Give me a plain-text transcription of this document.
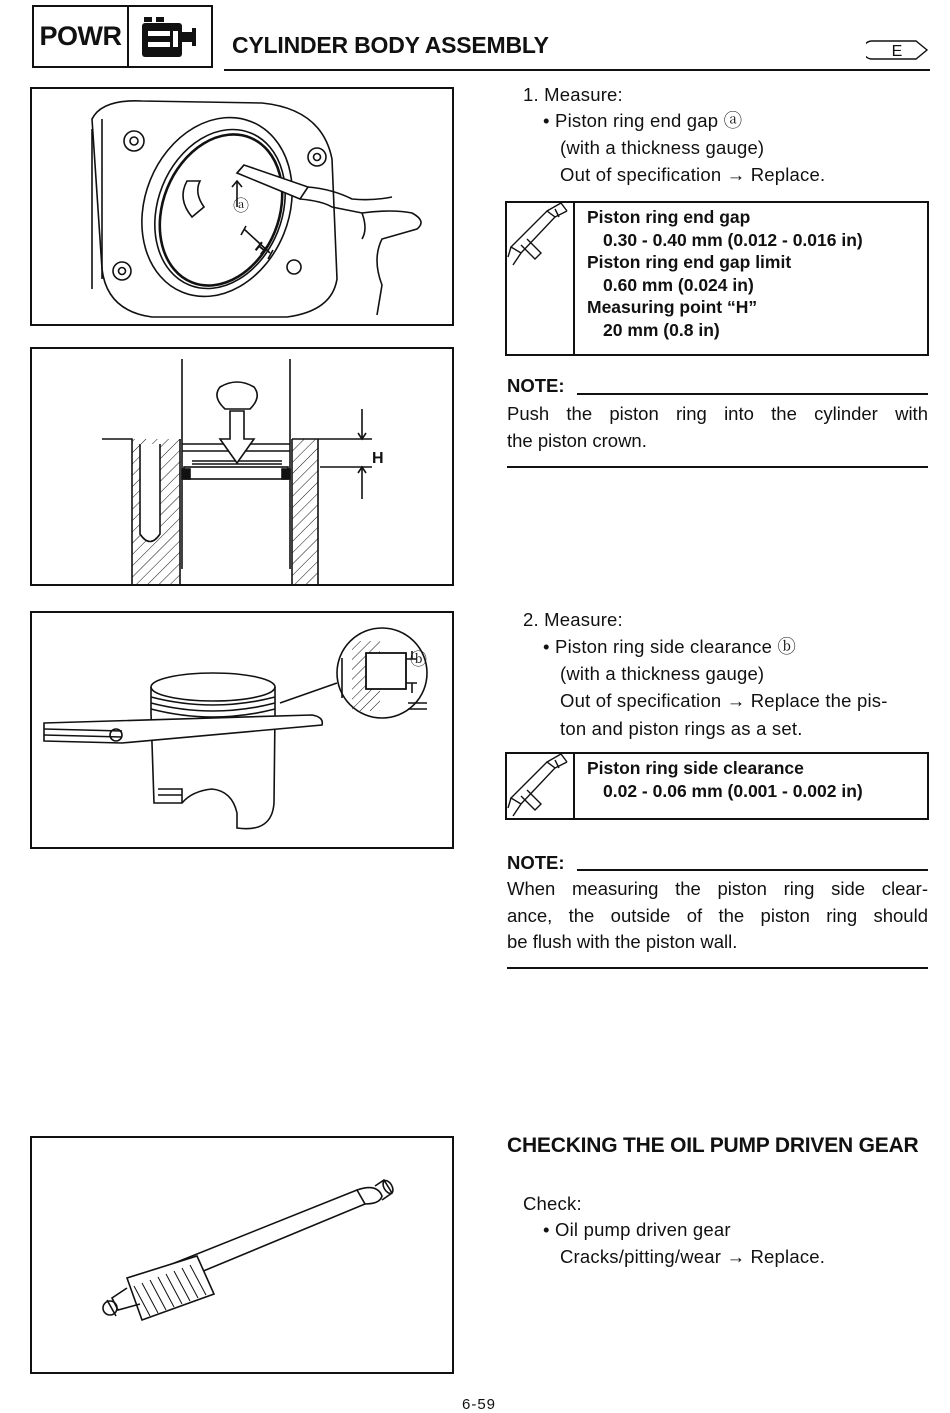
POWR	CYLINDER BODY ASSEMBLY	E
ⓐ
H
H
ⓑ
1. Measure:
• Piston ring end gap ⓐ
(with a thickness gauge)
Out of specification → Replace.
Piston ring end gap
0.30 - 0.40 mm (0.012 - 0.016 in)
Piston ring end gap limit
0.60 mm (0.024 in)
Measuring point “H”
20 mm (0.8 in)
NOTE:
Push the piston ring into the cylinder with
the piston crown.
2. Measure:
• Piston ring side clearance ⓑ
(with a thickness gauge)
Out of specification → Replace the pis-
ton and piston rings as a set.
Piston ring side clearance
0.02 - 0.06 mm (0.001 - 0.002 in)
NOTE:
When measuring the piston ring side clear-
ance, the outside of the piston ring should
be flush with the piston wall.
CHECKING THE OIL PUMP DRIVEN GEAR
Check:
• Oil pump driven gear
Cracks/pitting/wear → Replace.
6-59
